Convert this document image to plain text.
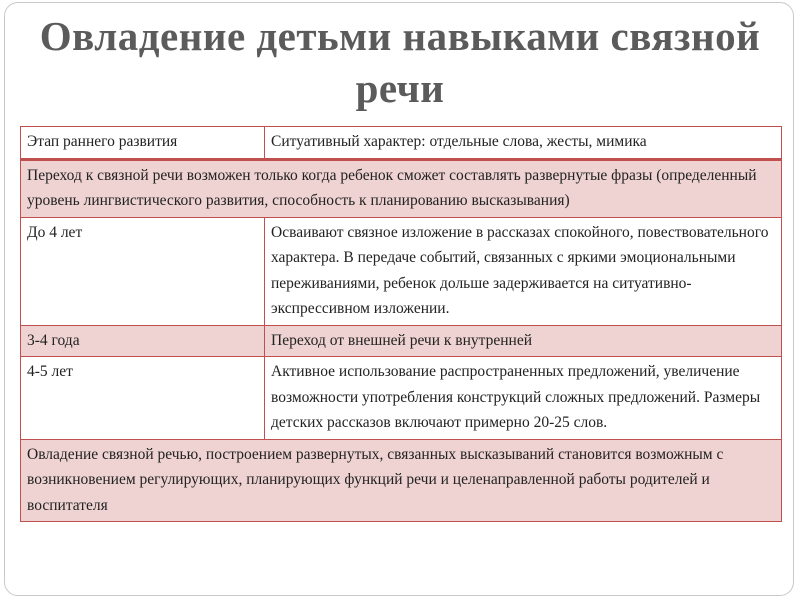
Овладение детьми навыками связной
речи
Этап раннего развития	Ситуативный характер: отдельные слова, жесты, мимика
Переход к связной речи возможен только когда ребенок сможет составлять развернутые фразы (определенный уровень лингвистического развития, способность к планированию высказывания)
До 4 лет	Осваивают связное изложение в рассказах спокойного, повествовательного характера. В передаче событий, связанных с яркими эмоциональными переживаниями, ребенок дольше задерживается на ситуативно-экспрессивном изложении.
3-4 года	Переход от внешней речи к внутренней
4-5 лет	Активное использование распространенных предложений, увеличение возможности употребления конструкций сложных предложений. Размеры детских рассказов включают примерно 20-25 слов.
Овладение связной речью, построением развернутых, связанных высказываний становится возможным с возникновением регулирующих, планирующих функций речи и целенаправленной работы родителей и воспитателя
